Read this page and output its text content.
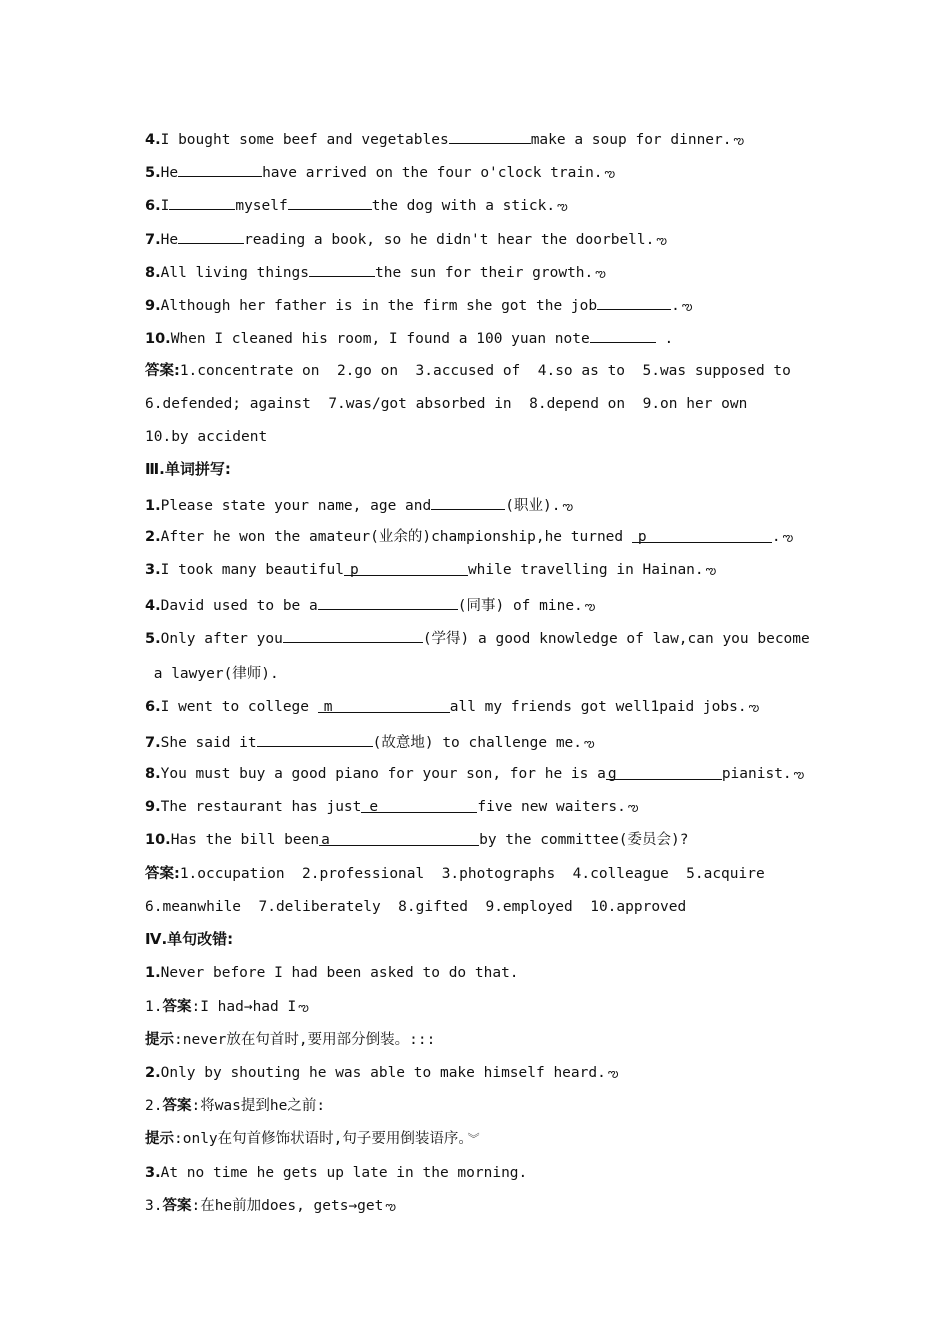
4.I bought some beef and vegetables	make a soup for dinner. ఌ
5.He	have arrived on the four o'clock train. ఌ
6.I	myself	the dog with a stick. ఌ
7.He	reading a book, so he didn't hear the doorbell. ఌ
8.All living things	the sun for their growth. ఌ
9.Although her father is in the firm she got the job	. ఌ
10.When I cleaned his room, I found a 100 yuan note	.
答案:1.concentrate on  2.go on  3.accused of  4.so as to  5.was supposed to
6.defended; against  7.was/got absorbed in  8.depend on  9.on her own
10.by accident
Ⅲ.单词拼写:
1.Please state your name, age and	(职业). ఌ
2.After he won the amateur(业余的)championship,he turned p	. ఌ
3.I took many beautiful p	while travelling in Hainan. ఌ
4.David used to be a	(同事) of mine. ఌ
5.Only after you	(学得) a good knowledge of law,can you become
a lawyer(律师).
6.I went to college m	all my friends got well1paid jobs. ఌ
7.She said it	(故意地) to challenge me. ఌ
8.You must buy a good piano for your son, for he is a g	pianist. ఌ
9.The restaurant has just e	five new waiters. ఌ
10.Has the bill been a	by the committee(委员会)?
答案:1.occupation  2.professional  3.photographs  4.colleague  5.acquire
6.meanwhile  7.deliberately  8.gifted  9.employed  10.approved
Ⅳ.单句改错:
1.Never before I had been asked to do that.
1.答案:I had→had I ఌ
提示:never放在句首时,要用部分倒装。:::
2.Only by shouting he was able to make himself heard. ఌ
2.答案:将was提到he之前:
提示:only在句首修饰状语时,句子要用倒装语序。 ︾
3.At no time he gets up late in the morning.
3.答案:在he前加does, gets→get ఌ
